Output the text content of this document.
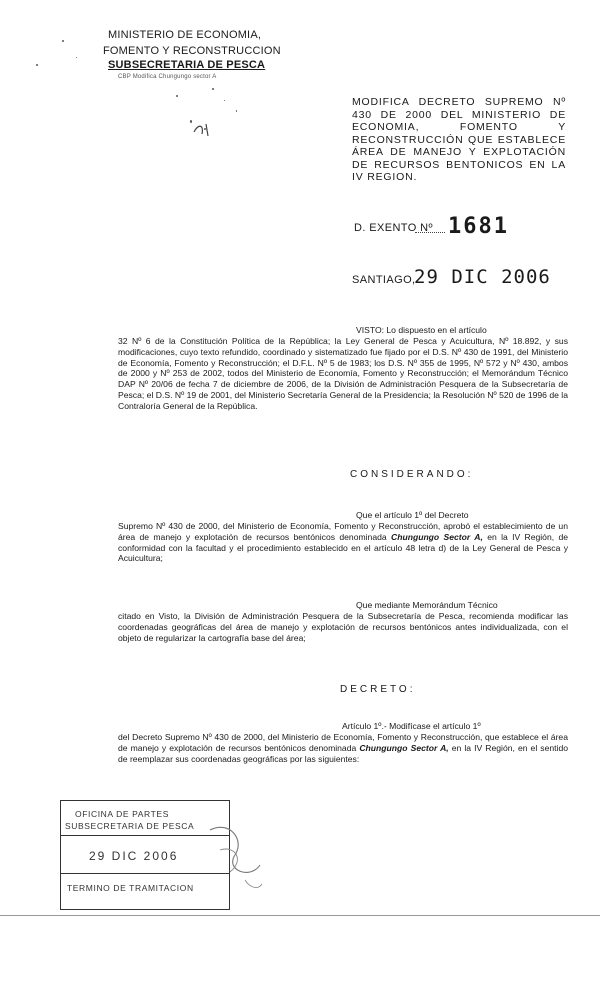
MINISTERIO DE ECONOMIA,
FOMENTO Y RECONSTRUCCION
SUBSECRETARIA DE PESCA
CBP Modifica Chungungo sector A
MODIFICA DECRETO SUPREMO Nº 430 DE 2000 DEL MINISTERIO DE ECONOMIA, FOMENTO Y RECONSTRUCCIÓN QUE ESTABLECE ÁREA DE MANEJO Y EXPLOTACIÓN DE RECURSOS BENTONICOS EN LA IV REGION.
D. EXENTO Nº 1681
SANTIAGO,
29 DIC 2006
VISTO: Lo dispuesto en el artículo
32 Nº 6 de la Constitución Política de la República; la Ley General de Pesca y Acuicultura, Nº 18.892, y sus modificaciones, cuyo texto refundido, coordinado y sistematizado fue fijado por el D.S. Nº 430 de 1991, del Ministerio de Economía, Fomento y Reconstrucción; el D.F.L. Nº 5 de 1983; los D.S. Nº 355 de 1995, Nº 572 y Nº 430, ambos de 2000 y Nº 253 de 2002, todos del Ministerio de Economía, Fomento y Reconstrucción; el Memorándum Técnico DAP Nº 20/06 de fecha 7 de diciembre de 2006, de la División de Administración Pesquera de la Subsecretaría de Pesca; el D.S. Nº 19 de 2001, del Ministerio Secretaría General de la Presidencia; la Resolución Nº 520 de 1996 de la Contraloría General de la República.
CONSIDERANDO:
Que el artículo 1º del Decreto
Supremo Nº 430 de 2000, del Ministerio de Economía, Fomento y Reconstrucción, aprobó el establecimiento de un área de manejo y explotación de recursos bentónicos denominada Chungungo Sector A, en la IV Región, de conformidad con la facultad y el procedimiento establecido en el artículo 48 letra d) de la Ley General de Pesca y Acuicultura;
Que mediante Memorándum Técnico
citado en Visto, la División de Administración Pesquera de la Subsecretaría de Pesca, recomienda modificar las coordenadas geográficas del área de manejo y explotación de recursos bentónicos antes individualizada, con el objeto de regularizar la cartografía base del área;
DECRETO:
Artículo 1º.- Modifícase el artículo 1º
del Decreto Supremo Nº 430 de 2000, del Ministerio de Economía, Fomento y Reconstrucción, que establece el área de manejo y explotación de recursos bentónicos denominada Chungungo Sector A, en la IV Región, en el sentido de reemplazar sus coordenadas geográficas por las siguientes:
OFICINA DE PARTES
SUBSECRETARIA DE PESCA
29 DIC 2006
TERMINO DE TRAMITACION
